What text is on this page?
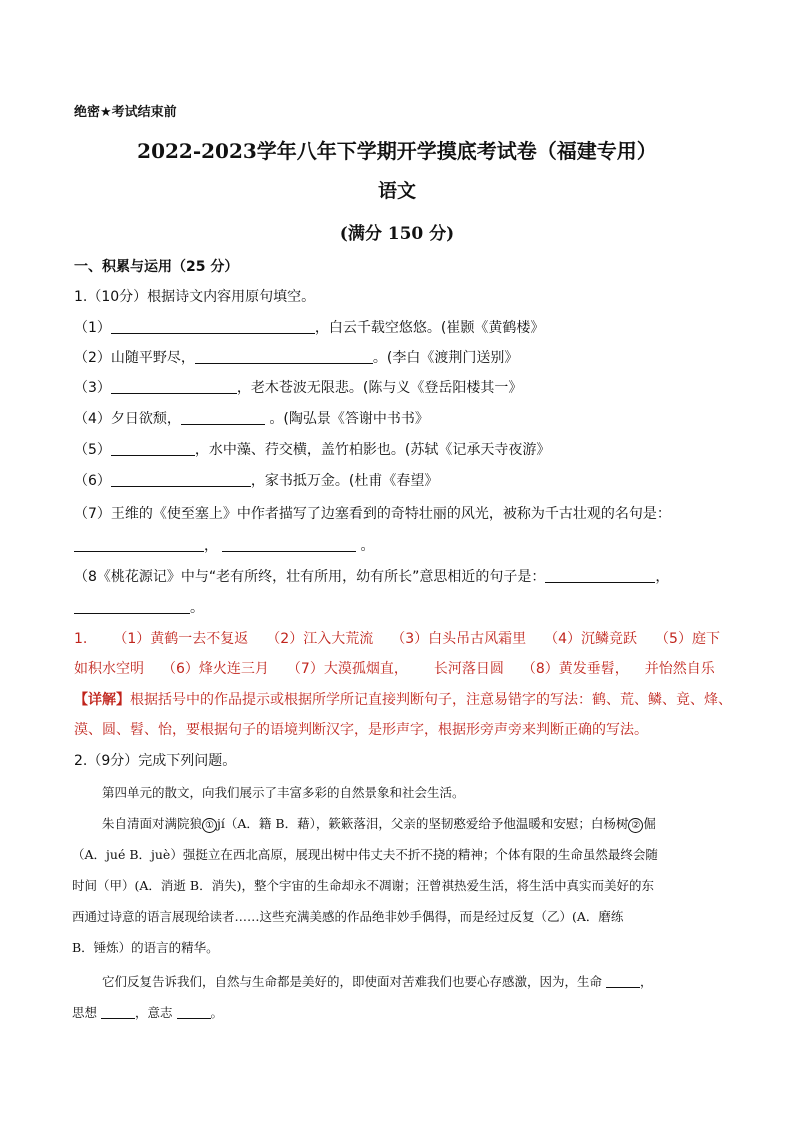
绝密★考试结束前
2022-2023学年八年下学期开学摸底考试卷（福建专用）
语文
(满分 150 分)
一、积累与运用（25 分）
1.（10分）根据诗文内容用原句填空。
（1）	，白云千载空悠悠。(崔颢《黄鹤楼》
（2）山随平野尽，	。(李白《渡荆门送别》
（3）	，老木苍波无限悲。(陈与义《登岳阳楼其一》
（4）夕日欲颓，	。(陶弘景《答谢中书书》
（5）	，水中藻、荇交横，盖竹柏影也。(苏轼《记承天寺夜游》
（6）	，家书抵万金。(杜甫《春望》
（7）王维的《使至塞上》中作者描写了边塞看到的奇特壮丽的风光，被称为千古壮观的名句是：
，	。
（8《桃花源记》中与“老有所终，壮有所用，幼有所长”意思相近的句子是：	，
。
1. （1）黄鹤一去不复返 （2）江入大荒流 （3）白头吊古风霜里 （4）沉鳞竞跃 （5）庭下
如积水空明 （6）烽火连三月 （7）大漠孤烟直， 长河落日圆 （8）黄发垂髫， 并怡然自乐
【详解】根据括号中的作品提示或根据所学所记直接判断句子，注意易错字的写法：鹤、荒、鳞、竟、烽、
漠、圆、髫、怡，要根据句子的语境判断汉字，是形声字，根据形旁声旁来判断正确的写法。
2.（9分）完成下列问题。
第四单元的散文，向我们展示了丰富多彩的自然景象和社会生活。
朱自清面对满院狼 ① jí（A．籍 B．藉），簌簌落泪，父亲的坚韧憨爱给予他温暖和安慰；白杨树 ② 倔
（A．jué B．juè）强挺立在西北高原，展现出树中伟丈夫不折不挠的精神；个体有限的生命虽然最终会随
时间（甲）(A．消逝 B．消失)，整个宇宙的生命却永不凋谢；汪曾祺热爱生活，将生活中真实而美好的东
西通过诗意的语言展现给读者……这些充满美感的作品绝非妙手偶得，而是经过反复（乙）(A．磨练
B．锤炼）的语言的精华。
它们反复告诉我们，自然与生命都是美好的，即使面对苦难我们也要心存感激，因为，生命	，
思想	，意志	。
